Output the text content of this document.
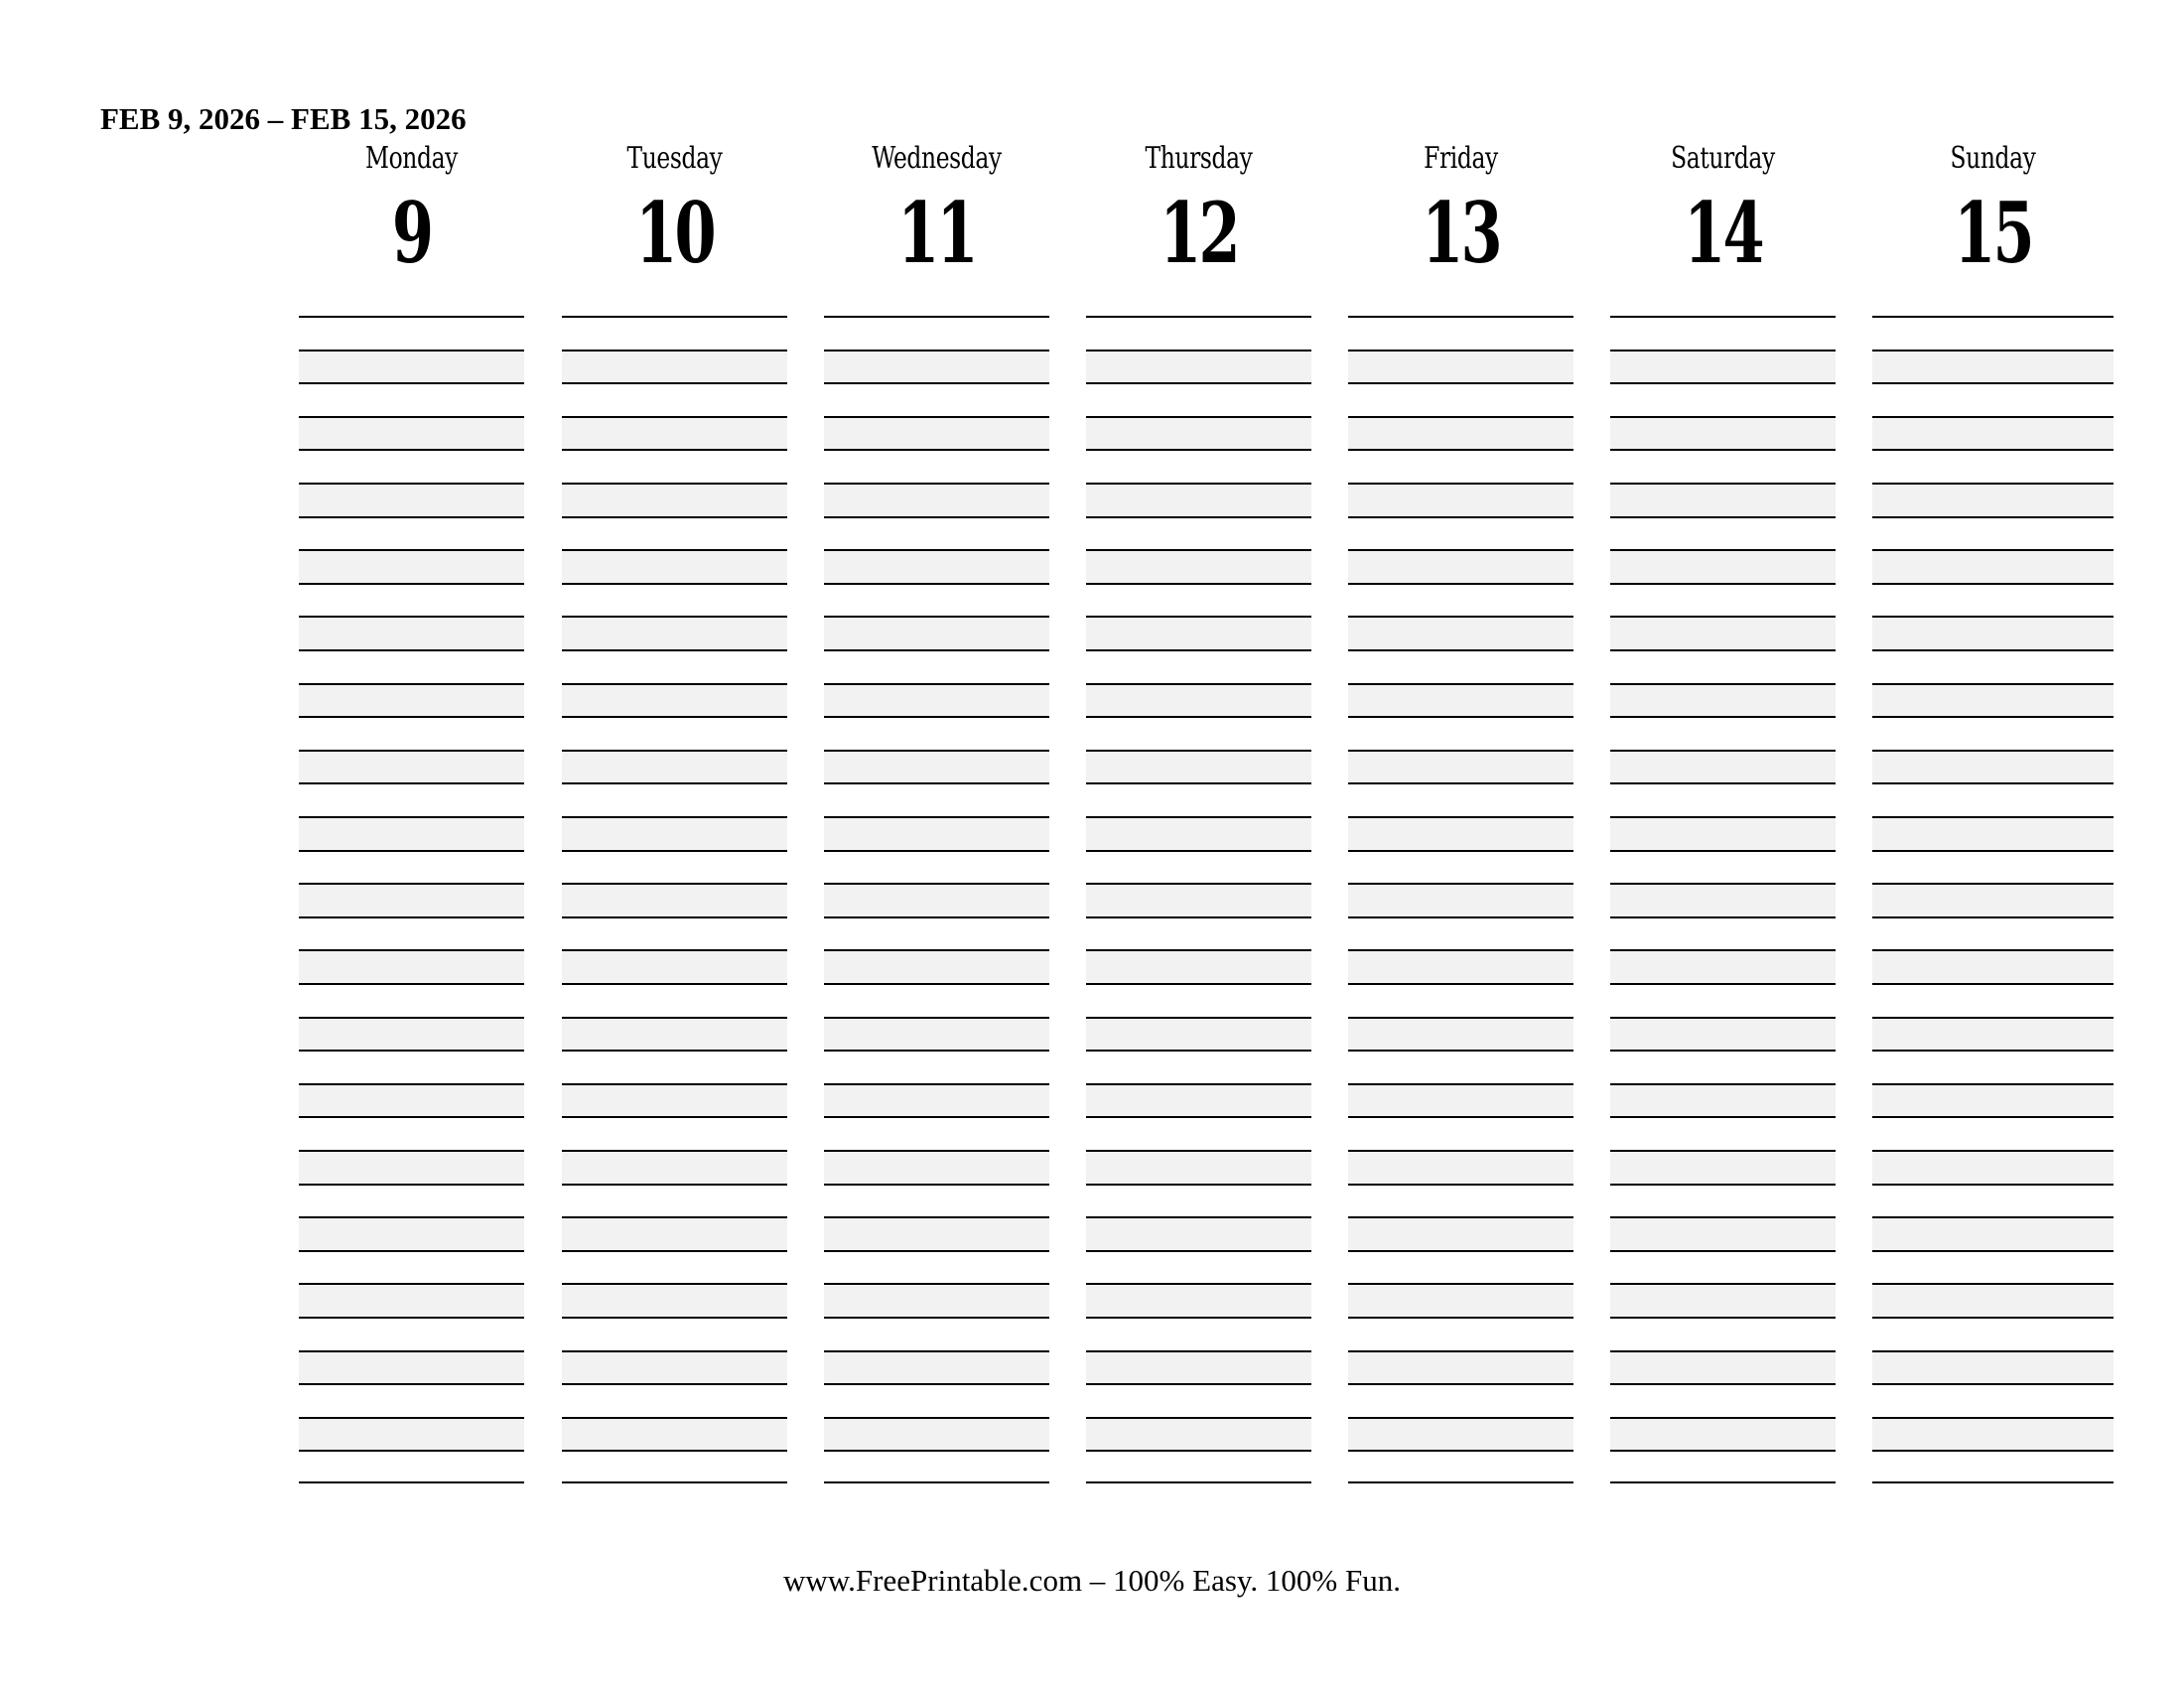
FEB 9, 2026 – FEB 15, 2026
Monday
9
Tuesday
10
Wednesday
11
Thursday
12
Friday
13
Saturday
14
Sunday
15
www.FreePrintable.com – 100% Easy. 100% Fun.
